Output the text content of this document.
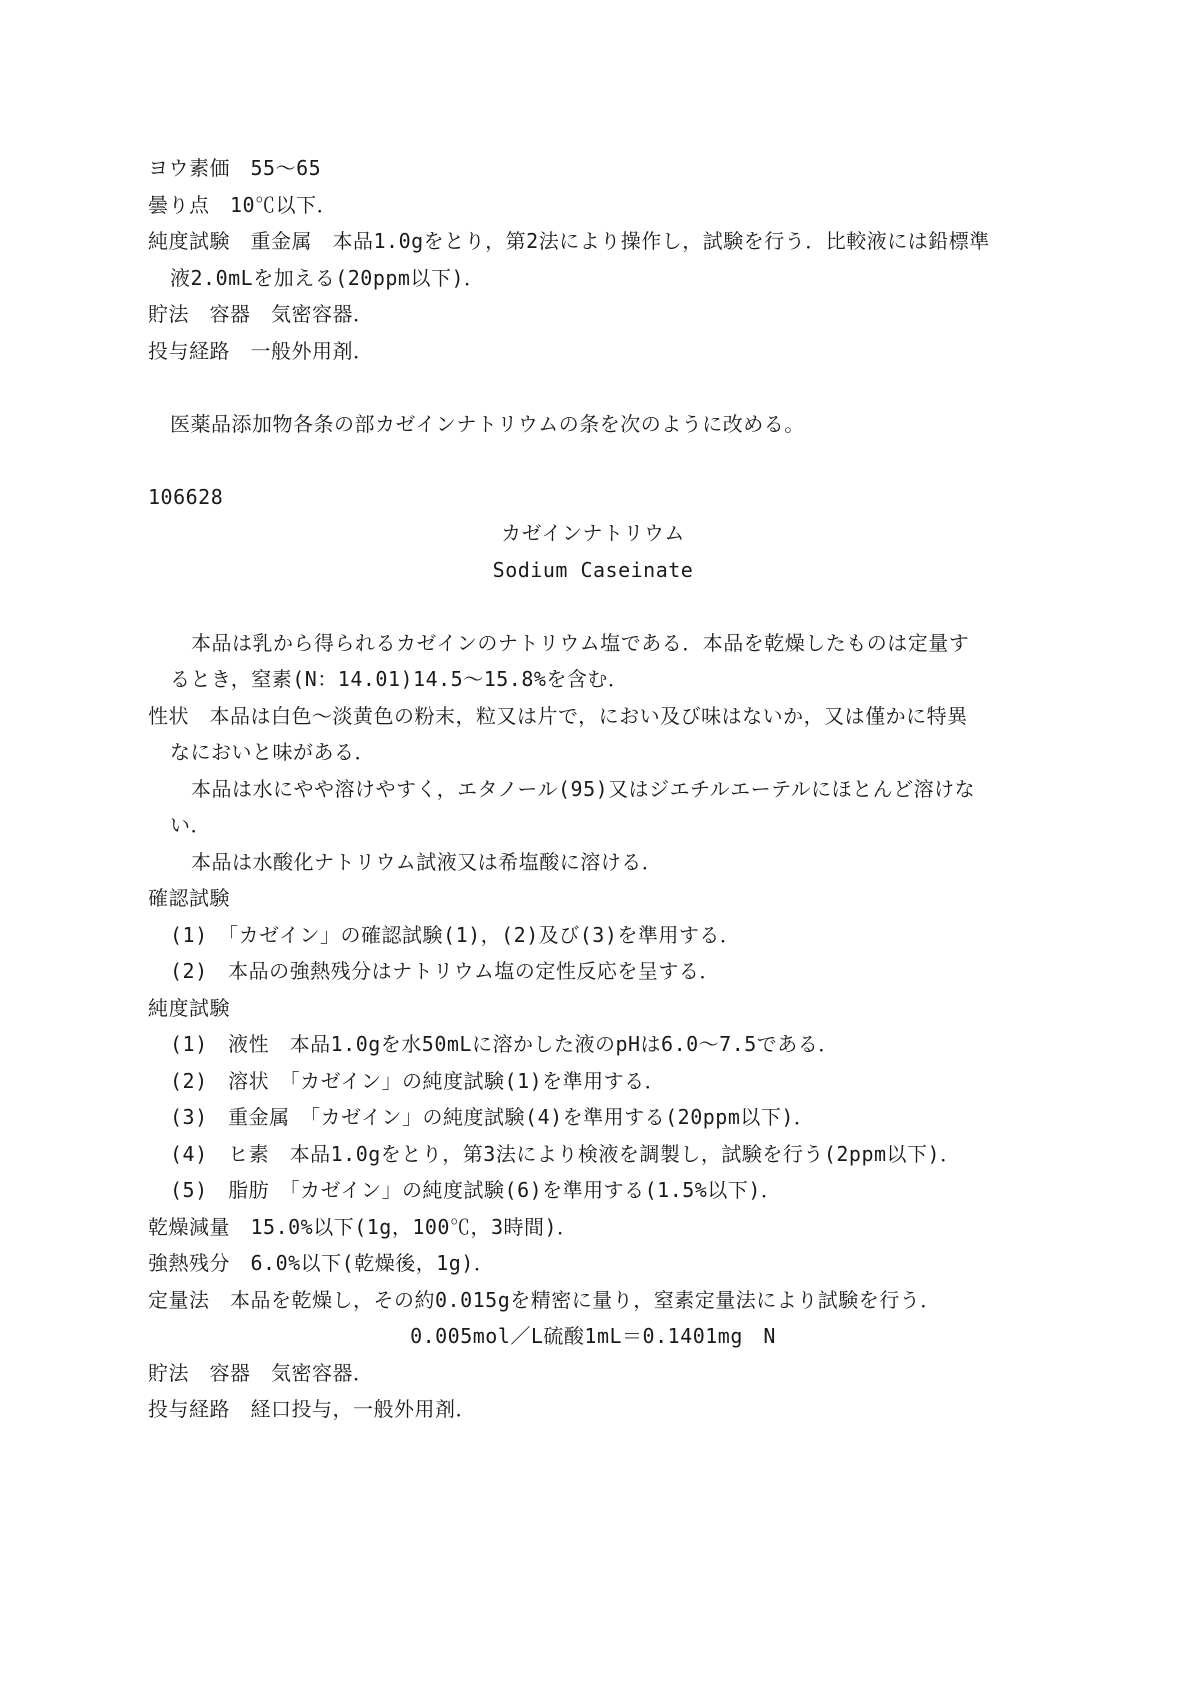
ヨウ素価　55～65
曇り点　10℃以下．
純度試験　重金属　本品1.0gをとり，第2法により操作し，試験を行う．比較液には鉛標準
液2.0mLを加える(20ppm以下)．
貯法　容器　気密容器．
投与経路　一般外用剤．
医薬品添加物各条の部カゼインナトリウムの条を次のように改める。
106628
カゼインナトリウム
Sodium Caseinate
本品は乳から得られるカゼインのナトリウム塩である．本品を乾燥したものは定量す
るとき，窒素(N：14.01)14.5～15.8%を含む．
性状　本品は白色～淡黄色の粉末，粒又は片で，におい及び味はないか，又は僅かに特異
なにおいと味がある．
本品は水にやや溶けやすく，エタノール(95)又はジエチルエーテルにほとんど溶けな
い．
本品は水酸化ナトリウム試液又は希塩酸に溶ける．
確認試験
(1)　「カゼイン」の確認試験(1)，(2)及び(3)を準用する．
(2)　本品の強熱残分はナトリウム塩の定性反応を呈する．
純度試験
(1)　液性　本品1.0gを水50mLに溶かした液のpHは6.0～7.5である．
(2)　溶状　「カゼイン」の純度試験(1)を準用する．
(3)　重金属　「カゼイン」の純度試験(4)を準用する(20ppm以下)．
(4)　ヒ素　本品1.0gをとり，第3法により検液を調製し，試験を行う(2ppm以下)．
(5)　脂肪　「カゼイン」の純度試験(6)を準用する(1.5%以下)．
乾燥減量　15.0%以下(1g，100℃，3時間)．
強熱残分　6.0%以下(乾燥後，1g)．
定量法　本品を乾燥し，その約0.015gを精密に量り，窒素定量法により試験を行う．
0.005mol／L硫酸1mL＝0.1401mg　N
貯法　容器　気密容器．
投与経路　経口投与，一般外用剤．
